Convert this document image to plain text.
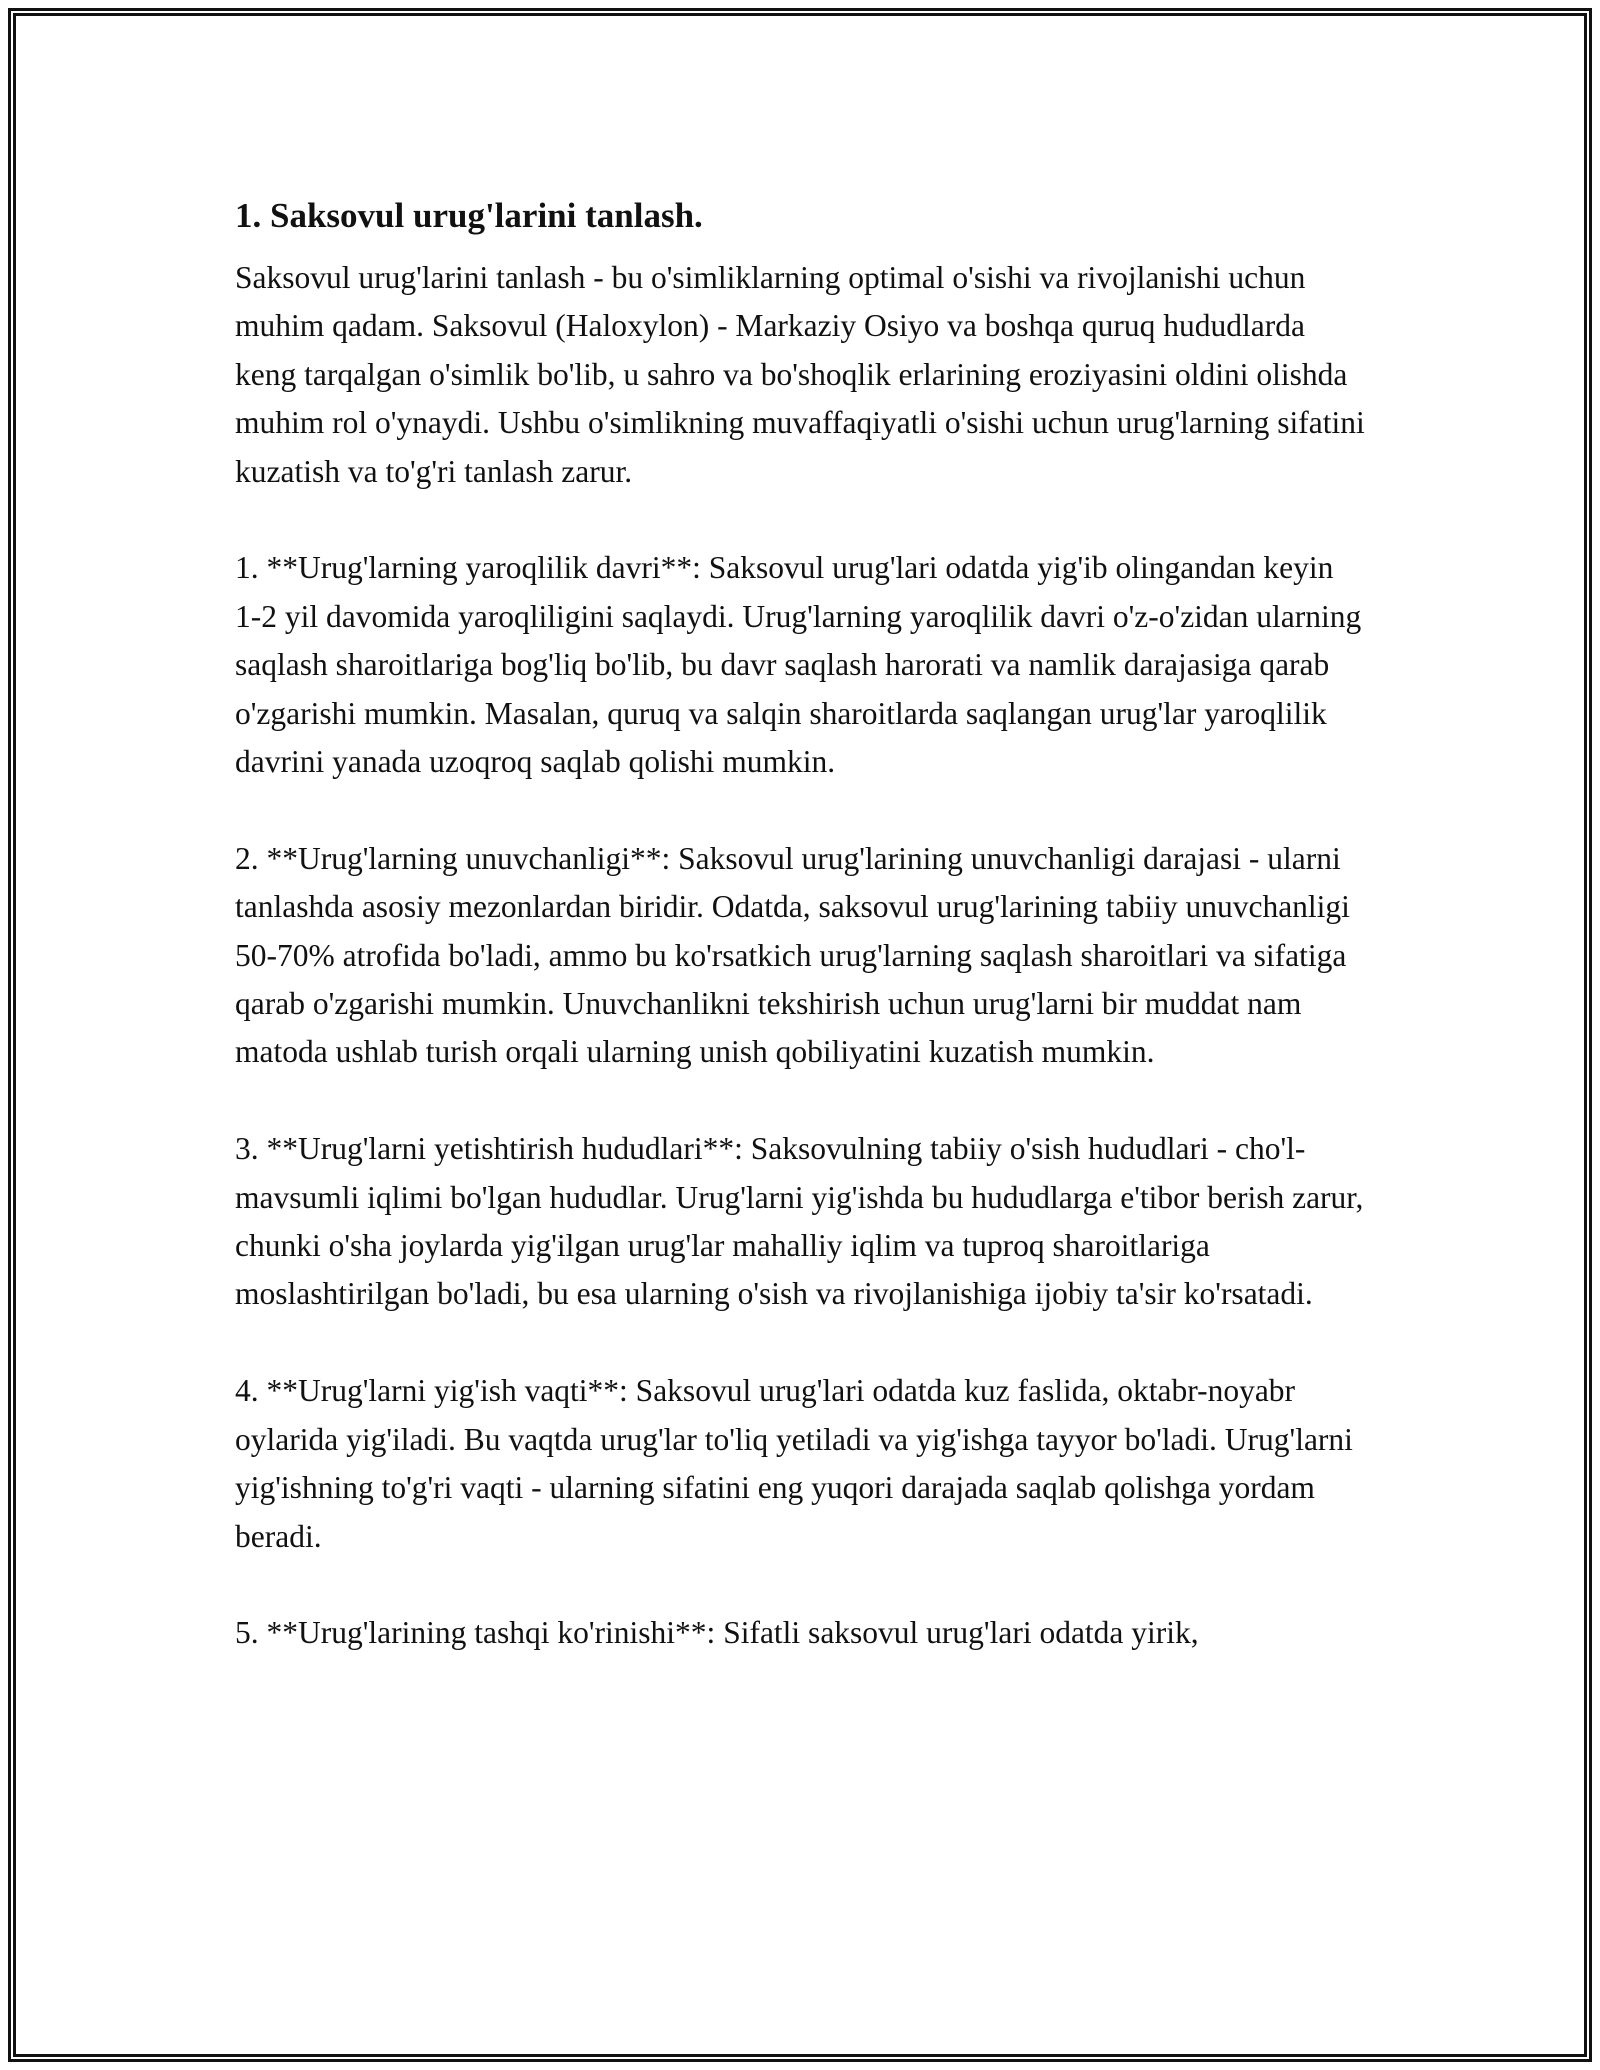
1. Saksovul urug'larini tanlash.

Saksovul urug'larini tanlash - bu o'simliklarning optimal o'sishi va rivojlanishi uchun muhim qadam. Saksovul (Haloxylon) - Markaziy Osiyo va boshqa quruq hududlarda keng tarqalgan o'simlik bo'lib, u sahro va bo'shoqlik erlarining eroziyasini oldini olishda muhim rol o'ynaydi. Ushbu o'simlikning muvaffaqiyatli o'sishi uchun urug'larning sifatini kuzatish va to'g'ri tanlash zarur.

1. **Urug'larning yaroqlilik davri**: Saksovul urug'lari odatda yig'ib olingandan keyin 1-2 yil davomida yaroqliligini saqlaydi. Urug'larning yaroqlilik davri o'z-o'zidan ularning saqlash sharoitlariga bog'liq bo'lib, bu davr saqlash harorati va namlik darajasiga qarab o'zgarishi mumkin. Masalan, quruq va salqin sharoitlarda saqlangan urug'lar yaroqlilik davrini yanada uzoqroq saqlab qolishi mumkin.

2. **Urug'larning unuvchanligi**: Saksovul urug'larining unuvchanligi darajasi - ularni tanlashda asosiy mezonlardan biridir. Odatda, saksovul urug'larining tabiiy unuvchanligi 50-70% atrofida bo'ladi, ammo bu ko'rsatkich urug'larning saqlash sharoitlari va sifatiga qarab o'zgarishi mumkin. Unuvchanlikni tekshirish uchun urug'larni bir muddat nam matoda ushlab turish orqali ularning unish qobiliyatini kuzatish mumkin.

3. **Urug'larni yetishtirish hududlari**: Saksovulning tabiiy o'sish hududlari - cho'l-mavsumli iqlimi bo'lgan hududlar. Urug'larni yig'ishda bu hududlarga e'tibor berish zarur, chunki o'sha joylarda yig'ilgan urug'lar mahalliy iqlim va tuproq sharoitlariga moslashtirilgan bo'ladi, bu esa ularning o'sish va rivojlanishiga ijobiy ta'sir ko'rsatadi.

4. **Urug'larni yig'ish vaqti**: Saksovul urug'lari odatda kuz faslida, oktabr-noyabr oylarida yig'iladi. Bu vaqtda urug'lar to'liq yetiladi va yig'ishga tayyor bo'ladi. Urug'larni yig'ishning to'g'ri vaqti - ularning sifatini eng yuqori darajada saqlab qolishga yordam beradi.

5. **Urug'larining tashqi ko'rinishi**: Sifatli saksovul urug'lari odatda yirik,
